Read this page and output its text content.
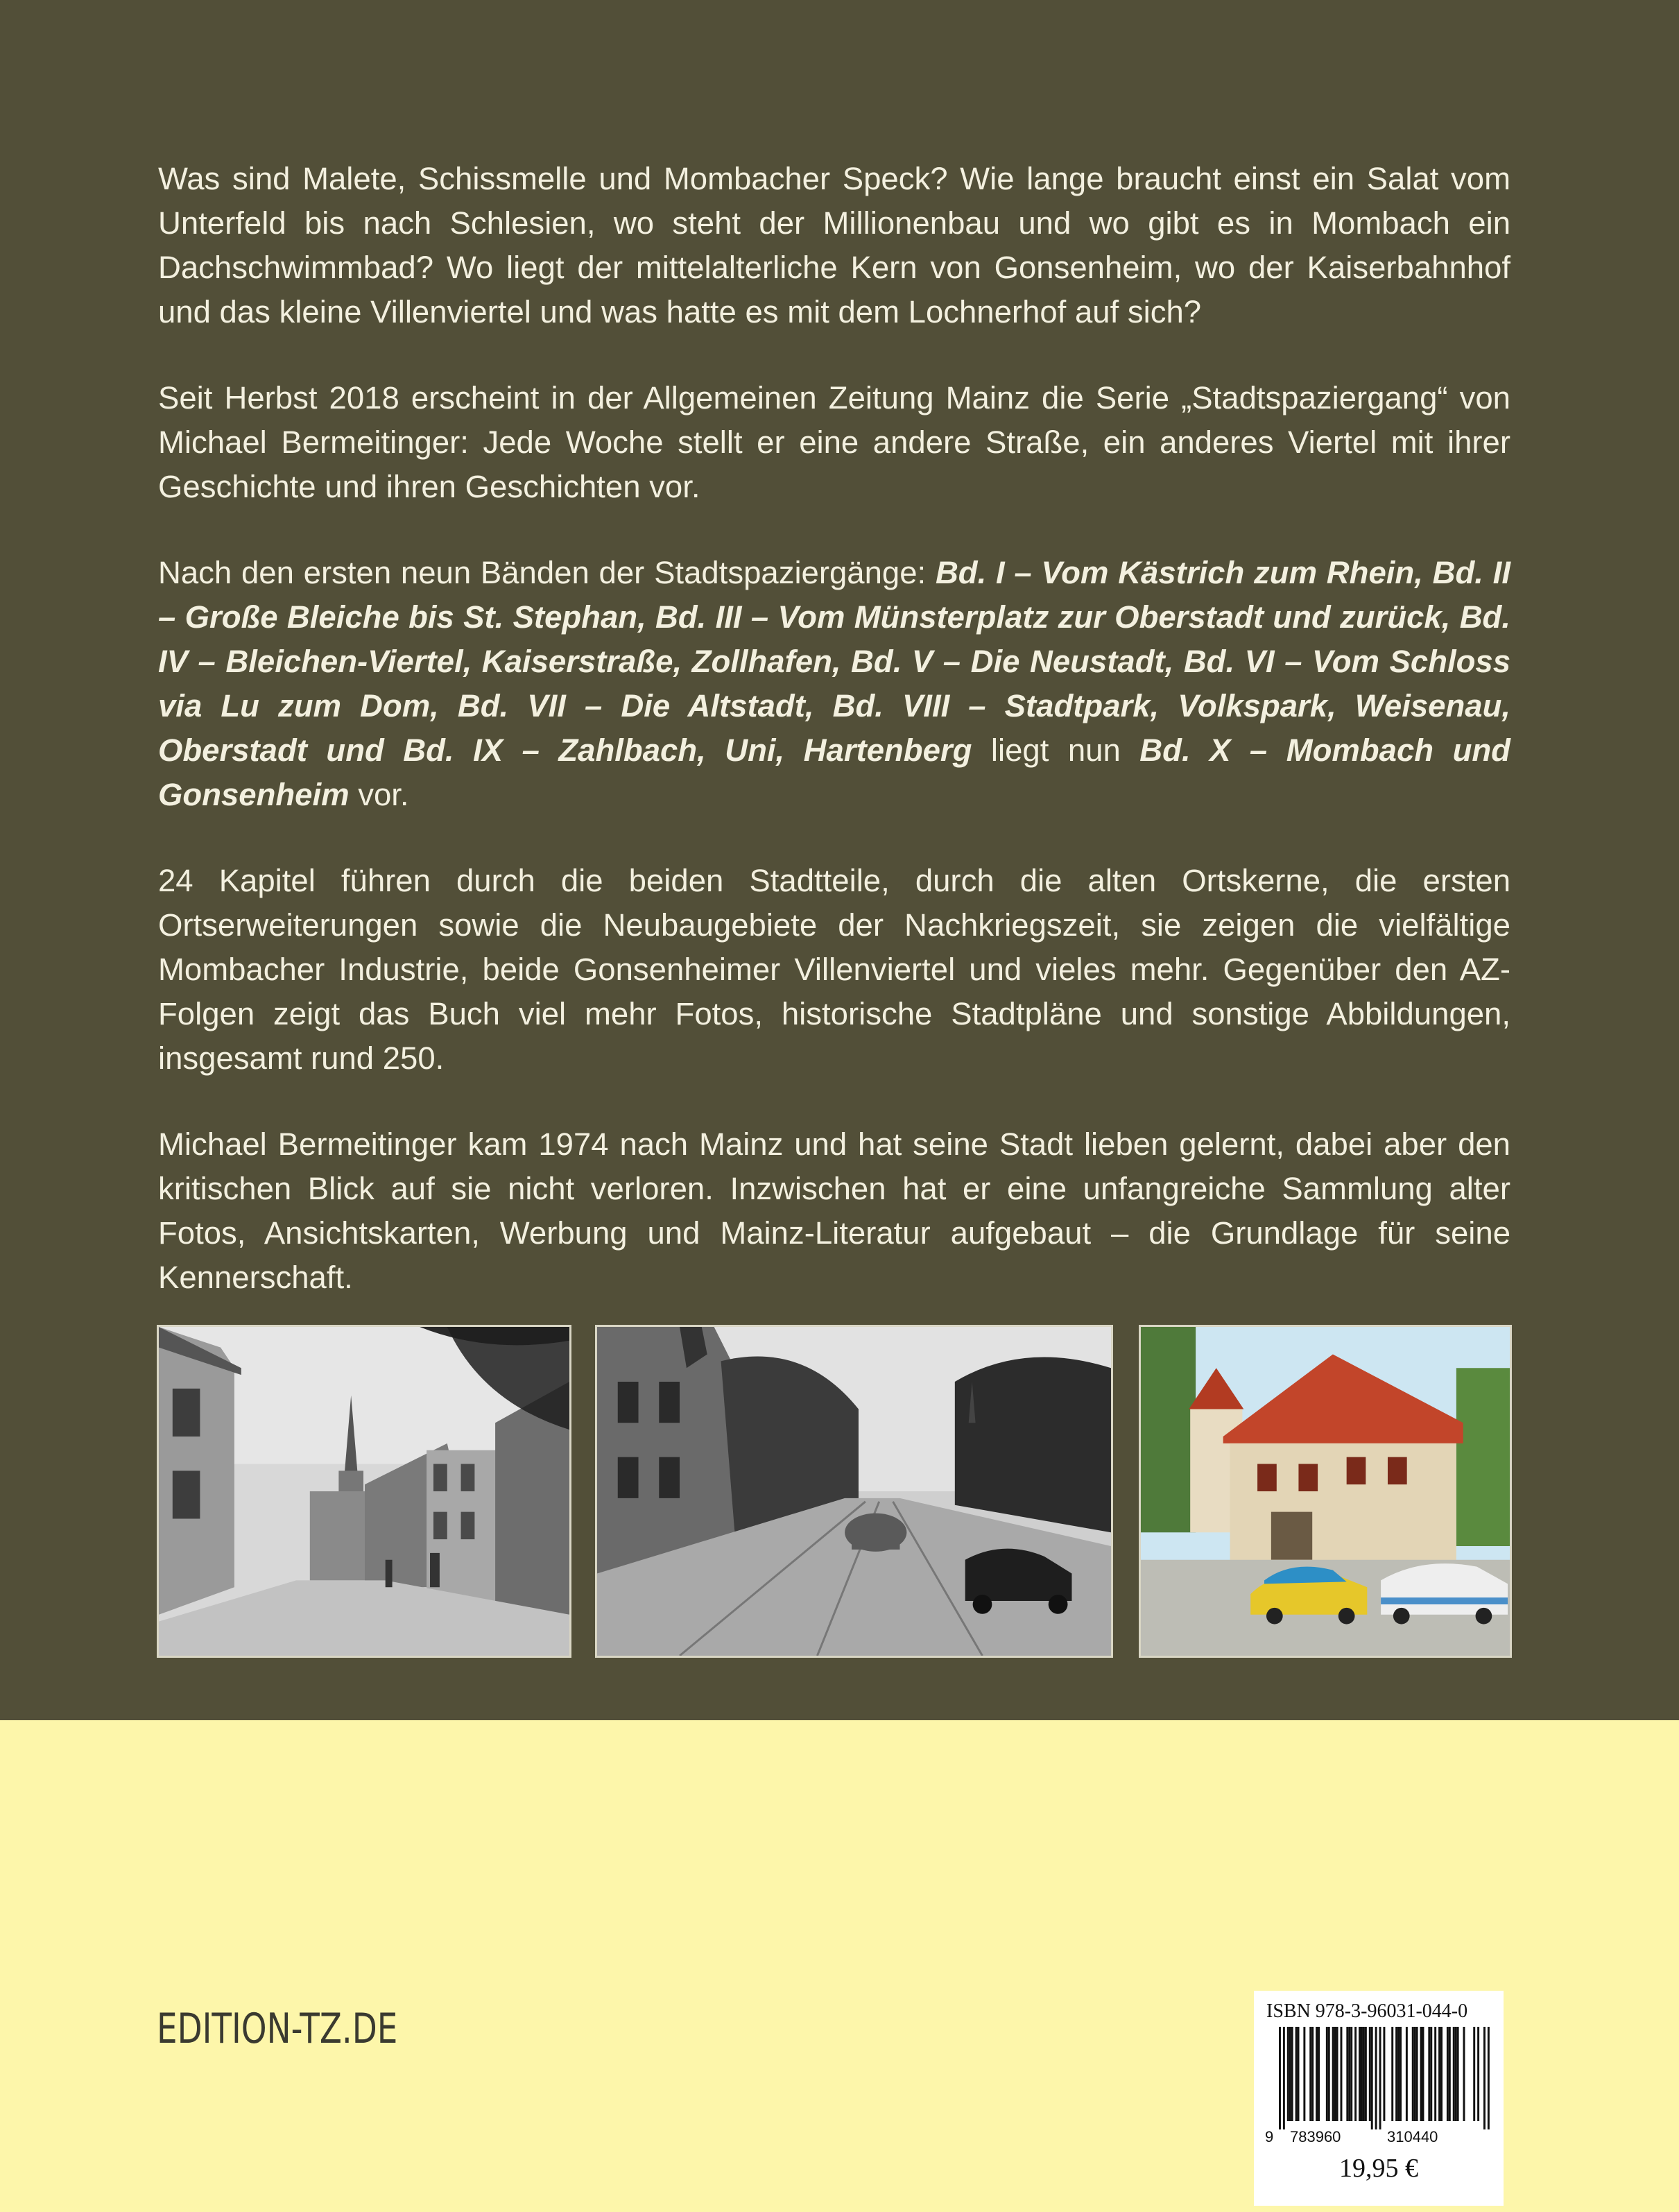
Was sind Malete, Schissmelle und Mombacher Speck? Wie lange braucht einst ein Salat vom Unterfeld bis nach Schlesien, wo steht der Millionenbau und wo gibt es in Mombach ein Dachschwimmbad? Wo liegt der mittelalterliche Kern von Gonsenheim, wo der Kaiserbahnhof und das kleine Villenviertel und was hatte es mit dem Lochnerhof auf sich?

Seit Herbst 2018 erscheint in der Allgemeinen Zeitung Mainz die Serie „Stadtspaziergang“ von Michael Bermeitinger: Jede Woche stellt er eine andere Straße, ein anderes Viertel mit ihrer Geschichte und ihren Geschichten vor.

Nach den ersten neun Bänden der Stadtspaziergänge: Bd. I – Vom Kästrich zum Rhein, Bd. II – Große Bleiche bis St. Stephan, Bd. III – Vom Münsterplatz zur Oberstadt und zurück, Bd. IV – Bleichen-Viertel, Kaiserstraße, Zollhafen, Bd. V – Die Neustadt, Bd. VI – Vom Schloss via Lu zum Dom, Bd. VII – Die Altstadt, Bd. VIII – Stadtpark, Volkspark, Weisenau, Oberstadt und Bd. IX – Zahlbach, Uni, Hartenberg liegt nun Bd. X – Mombach und Gonsenheim vor.

24 Kapitel führen durch die beiden Stadtteile, durch die alten Ortskerne, die ersten Ortserweiterungen sowie die Neubaugebiete der Nachkriegszeit, sie zeigen die vielfältige Mombacher Industrie, beide Gonsenheimer Villenviertel und vieles mehr. Gegenüber den AZ-Folgen zeigt das Buch viel mehr Fotos, historische Stadtpläne und sonstige Abbildungen, insgesamt rund 250.

Michael Bermeitinger kam 1974 nach Mainz und hat seine Stadt lieben gelernt, dabei aber den kritischen Blick auf sie nicht verloren. Inzwischen hat er eine unfangreiche Sammlung alter Fotos, Ansichtskarten, Werbung und Mainz-Literatur aufgebaut – die Grundlage für seine Kennerschaft.

EDITION-TZ.DE	ISBN 978-3-96031-044-0
9 783960	310440
19,95 €
